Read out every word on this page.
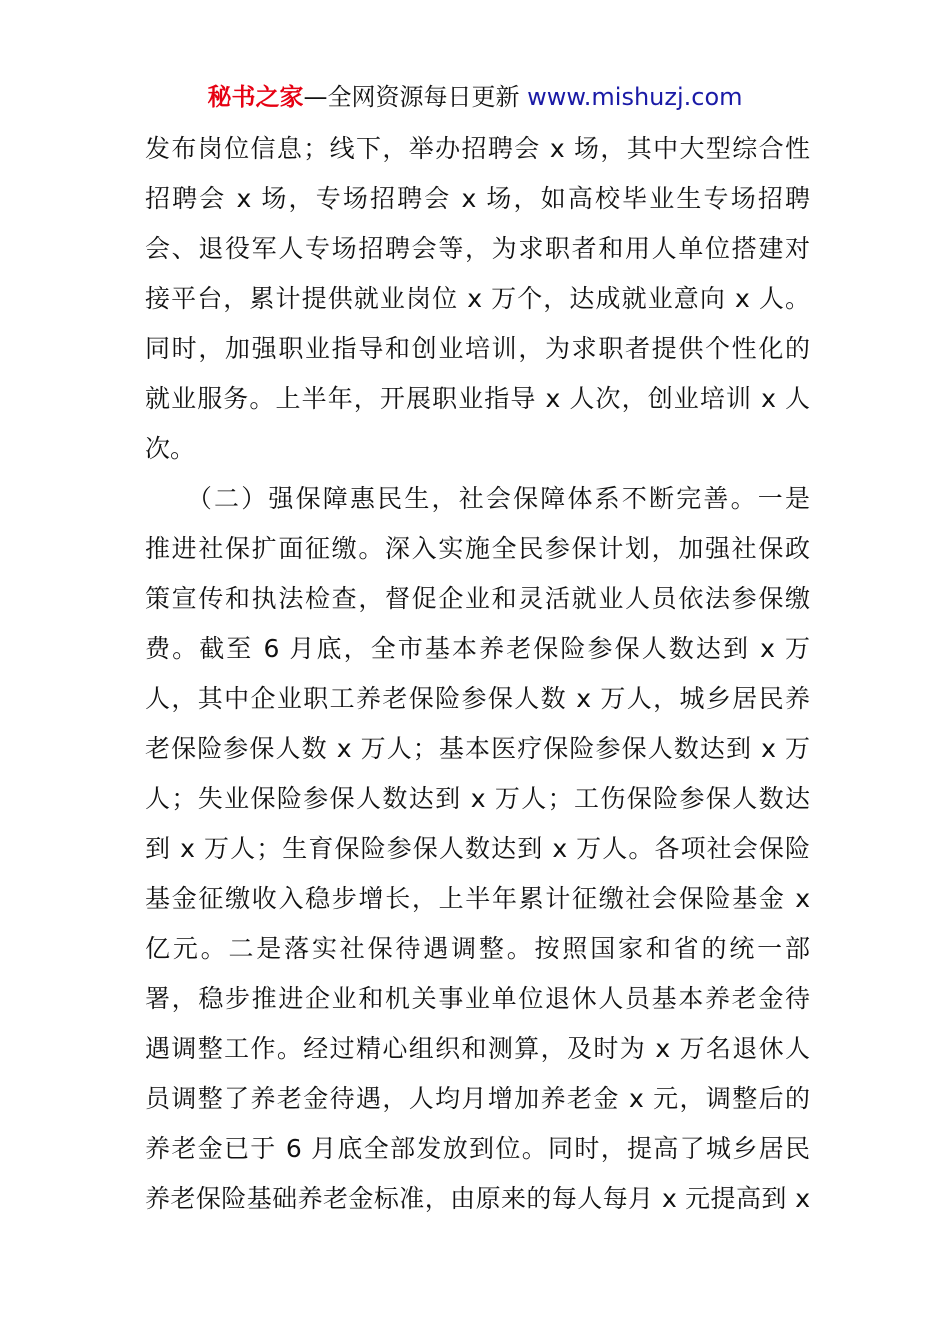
秘书之家—全网资源每日更新 www.mishuzj.com
发布岗位信息；线下，举办招聘会 x 场，其中大型综合性
招聘会 x 场，专场招聘会 x 场，如高校毕业生专场招聘
会、退役军人专场招聘会等，为求职者和用人单位搭建对
接平台，累计提供就业岗位 x 万个，达成就业意向 x 人。
同时，加强职业指导和创业培训，为求职者提供个性化的
就业服务。上半年，开展职业指导 x 人次，创业培训 x 人
次。
　　（二）强保障惠民生，社会保障体系不断完善。一是
推进社保扩面征缴。深入实施全民参保计划，加强社保政
策宣传和执法检查，督促企业和灵活就业人员依法参保缴
费。截至 6 月底，全市基本养老保险参保人数达到 x 万
人，其中企业职工养老保险参保人数 x 万人，城乡居民养
老保险参保人数 x 万人；基本医疗保险参保人数达到 x 万
人；失业保险参保人数达到 x 万人；工伤保险参保人数达
到 x 万人；生育保险参保人数达到 x 万人。各项社会保险
基金征缴收入稳步增长，上半年累计征缴社会保险基金 x
亿元。二是落实社保待遇调整。按照国家和省的统一部
署，稳步推进企业和机关事业单位退休人员基本养老金待
遇调整工作。经过精心组织和测算，及时为 x 万名退休人
员调整了养老金待遇，人均月增加养老金 x 元，调整后的
养老金已于 6 月底全部发放到位。同时，提高了城乡居民
养老保险基础养老金标准，由原来的每人每月 x 元提高到 x
